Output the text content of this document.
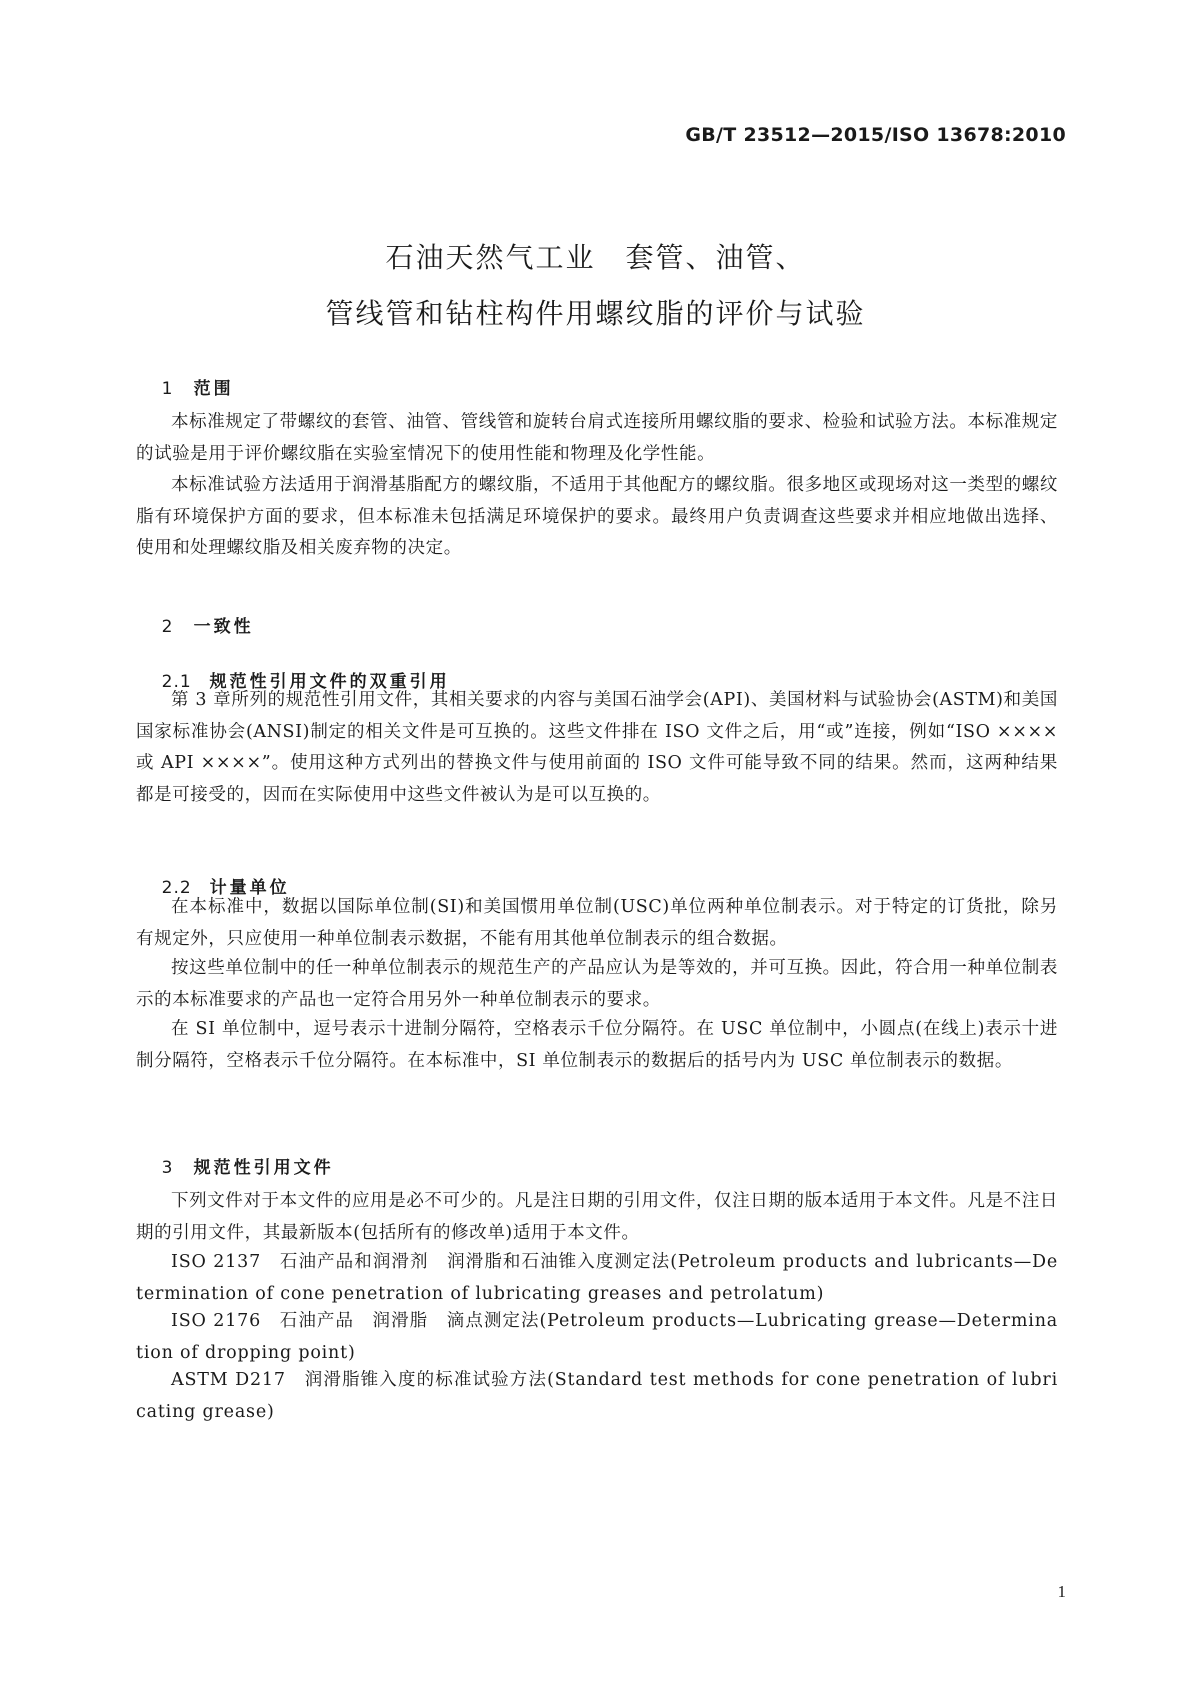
GB/T 23512—2015/ISO 13678:2010
石油天然气工业　套管、油管、
管线管和钻柱构件用螺纹脂的评价与试验

1 范围

本标准规定了带螺纹的套管、油管、管线管和旋转台肩式连接所用螺纹脂的要求、检验和试验方法。本标准规定的试验是用于评价螺纹脂在实验室情况下的使用性能和物理及化学性能。
本标准试验方法适用于润滑基脂配方的螺纹脂，不适用于其他配方的螺纹脂。很多地区或现场对这一类型的螺纹脂有环境保护方面的要求，但本标准未包括满足环境保护的要求。最终用户负责调查这些要求并相应地做出选择、使用和处理螺纹脂及相关废弃物的决定。

2 一致性

2.1 规范性引用文件的双重引用

第 3 章所列的规范性引用文件，其相关要求的内容与美国石油学会(API)、美国材料与试验协会(ASTM)和美国国家标准协会(ANSI)制定的相关文件是可互换的。这些文件排在 ISO 文件之后，用“或”连接，例如“ISO ××××或 API ××××”。使用这种方式列出的替换文件与使用前面的 ISO 文件可能导致不同的结果。然而，这两种结果都是可接受的，因而在实际使用中这些文件被认为是可以互换的。

2.2 计量单位

在本标准中，数据以国际单位制(SI)和美国惯用单位制(USC)单位两种单位制表示。对于特定的订货批，除另有规定外，只应使用一种单位制表示数据，不能有用其他单位制表示的组合数据。
按这些单位制中的任一种单位制表示的规范生产的产品应认为是等效的，并可互换。因此，符合用一种单位制表示的本标准要求的产品也一定符合用另外一种单位制表示的要求。
在 SI 单位制中，逗号表示十进制分隔符，空格表示千位分隔符。在 USC 单位制中，小圆点(在线上)表示十进制分隔符，空格表示千位分隔符。在本标准中，SI 单位制表示的数据后的括号内为 USC 单位制表示的数据。

3 规范性引用文件

下列文件对于本文件的应用是必不可少的。凡是注日期的引用文件，仅注日期的版本适用于本文件。凡是不注日期的引用文件，其最新版本(包括所有的修改单)适用于本文件。
ISO 2137　石油产品和润滑剂　润滑脂和石油锥入度测定法(Petroleum products and lubricants—Determination of cone penetration of lubricating greases and petrolatum)
ISO 2176　石油产品　润滑脂　滴点测定法(Petroleum products—Lubricating grease—Determination of dropping point)
ASTM D217　润滑脂锥入度的标准试验方法(Standard test methods for cone penetration of lubricating grease)
1
